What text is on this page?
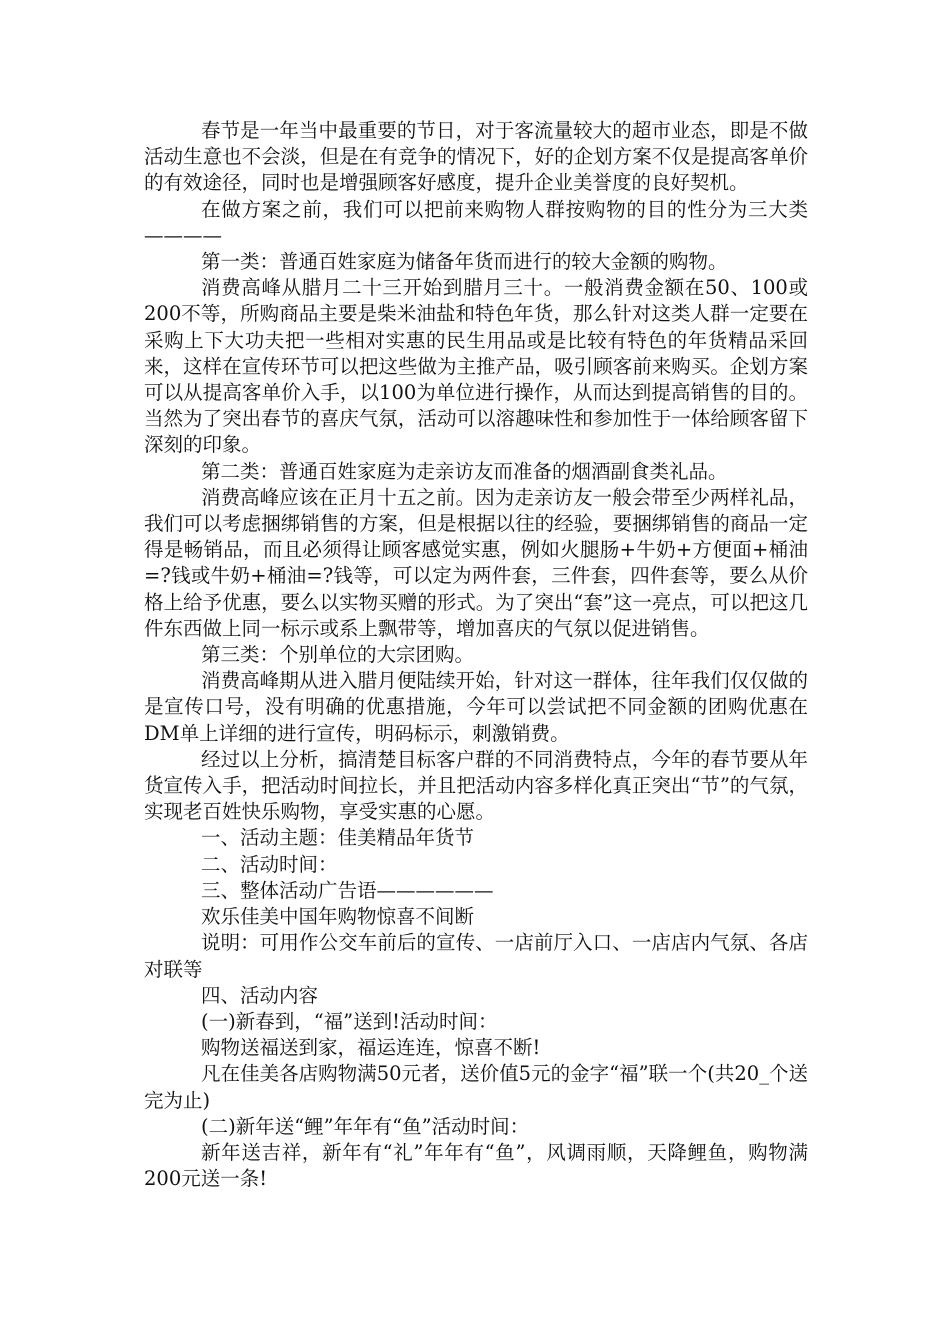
春节是一年当中最重要的节日，对于客流量较大的超市业态，即是不做活动生意也不会淡，但是在有竞争的情况下，好的企划方案不仅是提高客单价的有效途径，同时也是增强顾客好感度，提升企业美誉度的良好契机。

在做方案之前，我们可以把前来购物人群按购物的目的性分为三大类————

第一类：普通百姓家庭为储备年货而进行的较大金额的购物。

消费高峰从腊月二十三开始到腊月三十。一般消费金额在50、100或200不等，所购商品主要是柴米油盐和特色年货，那么针对这类人群一定要在采购上下大功夫把一些相对实惠的民生用品或是比较有特色的年货精品采回来，这样在宣传环节可以把这些做为主推产品，吸引顾客前来购买。企划方案可以从提高客单价入手，以100为单位进行操作，从而达到提高销售的目的。当然为了突出春节的喜庆气氛，活动可以溶趣味性和参加性于一体给顾客留下深刻的印象。

第二类：普通百姓家庭为走亲访友而准备的烟酒副食类礼品。

消费高峰应该在正月十五之前。因为走亲访友一般会带至少两样礼品，我们可以考虑捆绑销售的方案，但是根据以往的经验，要捆绑销售的商品一定得是畅销品，而且必须得让顾客感觉实惠，例如火腿肠+牛奶+方便面+桶油=?钱或牛奶+桶油=?钱等，可以定为两件套，三件套，四件套等，要么从价格上给予优惠，要么以实物买赠的形式。为了突出“套”这一亮点，可以把这几件东西做上同一标示或系上飘带等，增加喜庆的气氛以促进销售。

第三类：个别单位的大宗团购。

消费高峰期从进入腊月便陆续开始，针对这一群体，往年我们仅仅做的是宣传口号，没有明确的优惠措施，今年可以尝试把不同金额的团购优惠在DM单上详细的进行宣传，明码标示，刺激销费。

经过以上分析，搞清楚目标客户群的不同消费特点，今年的春节要从年货宣传入手，把活动时间拉长，并且把活动内容多样化真正突出“节”的气氛，实现老百姓快乐购物，享受实惠的心愿。

一、活动主题：佳美精品年货节

二、活动时间：

三、整体活动广告语——————

欢乐佳美中国年购物惊喜不间断

说明：可用作公交车前后的宣传、一店前厅入口、一店店内气氛、各店对联等

四、活动内容

(一)新春到，“福”送到!活动时间：

购物送福送到家，福运连连，惊喜不断!

凡在佳美各店购物满50元者，送价值5元的金字“福”联一个(共20_个送完为止)

(二)新年送“鲤”年年有“鱼”活动时间：

新年送吉祥，新年有“礼”年年有“鱼”，风调雨顺，天降鲤鱼，购物满200元送一条!
